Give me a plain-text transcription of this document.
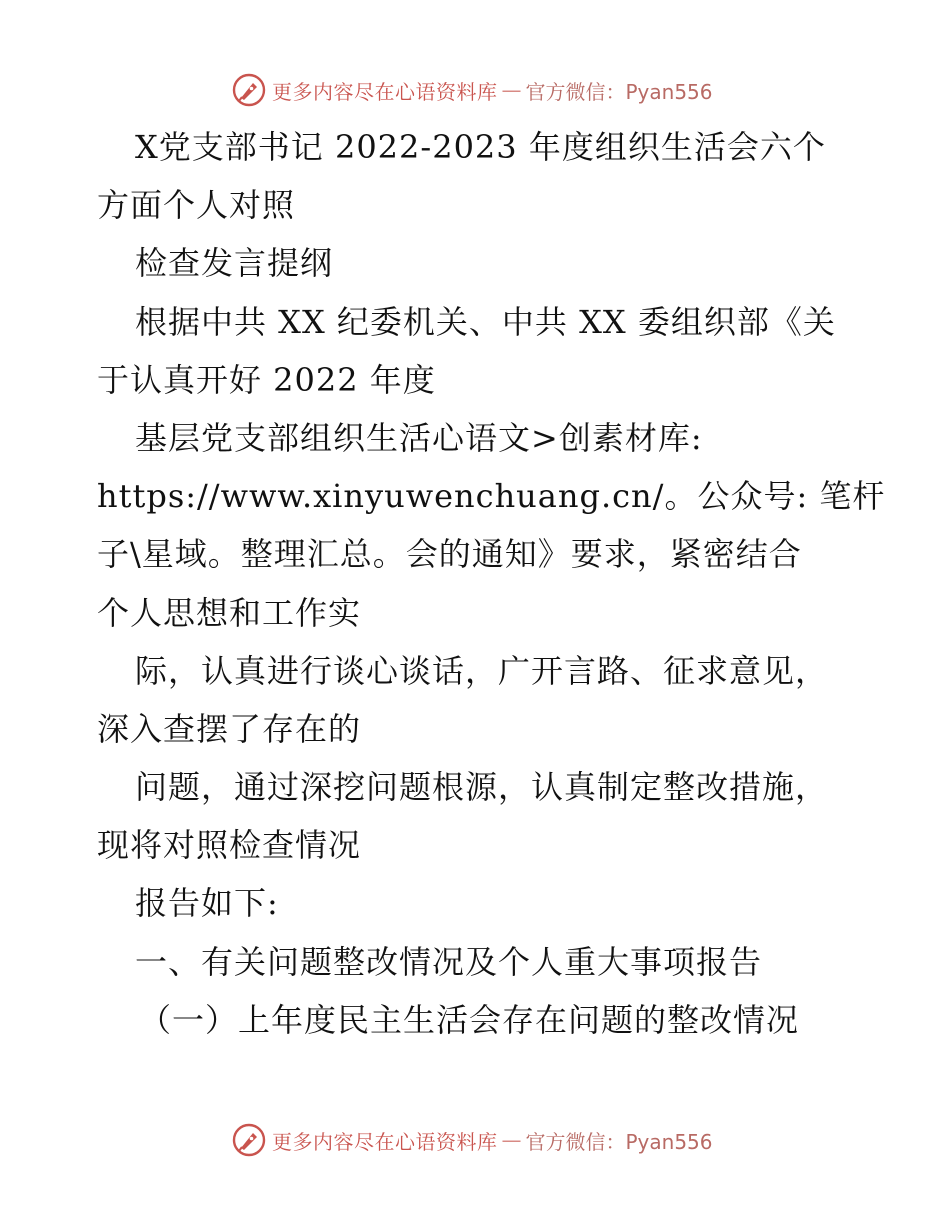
更多内容尽在心语资料库 — 官方微信：Pyan556
X党支部书记 2022-2023 年度组织生活会六个
方面个人对照
检查发言提纲
根据中共 XX 纪委机关、中共 XX 委组织部《关
于认真开好 2022 年度
基层党支部组织生活心语文>创素材库:
https://www.xinyuwenchuang.cn/。公众号: 笔杆
子\星域。整理汇总。会的通知》要求，紧密结合
个人思想和工作实
际，认真进行谈心谈话，广开言路、征求意见，
深入查摆了存在的
问题，通过深挖问题根源，认真制定整改措施，
现将对照检查情况
报告如下:
一、有关问题整改情况及个人重大事项报告
（一）上年度民主生活会存在问题的整改情况
更多内容尽在心语资料库 — 官方微信：Pyan556
